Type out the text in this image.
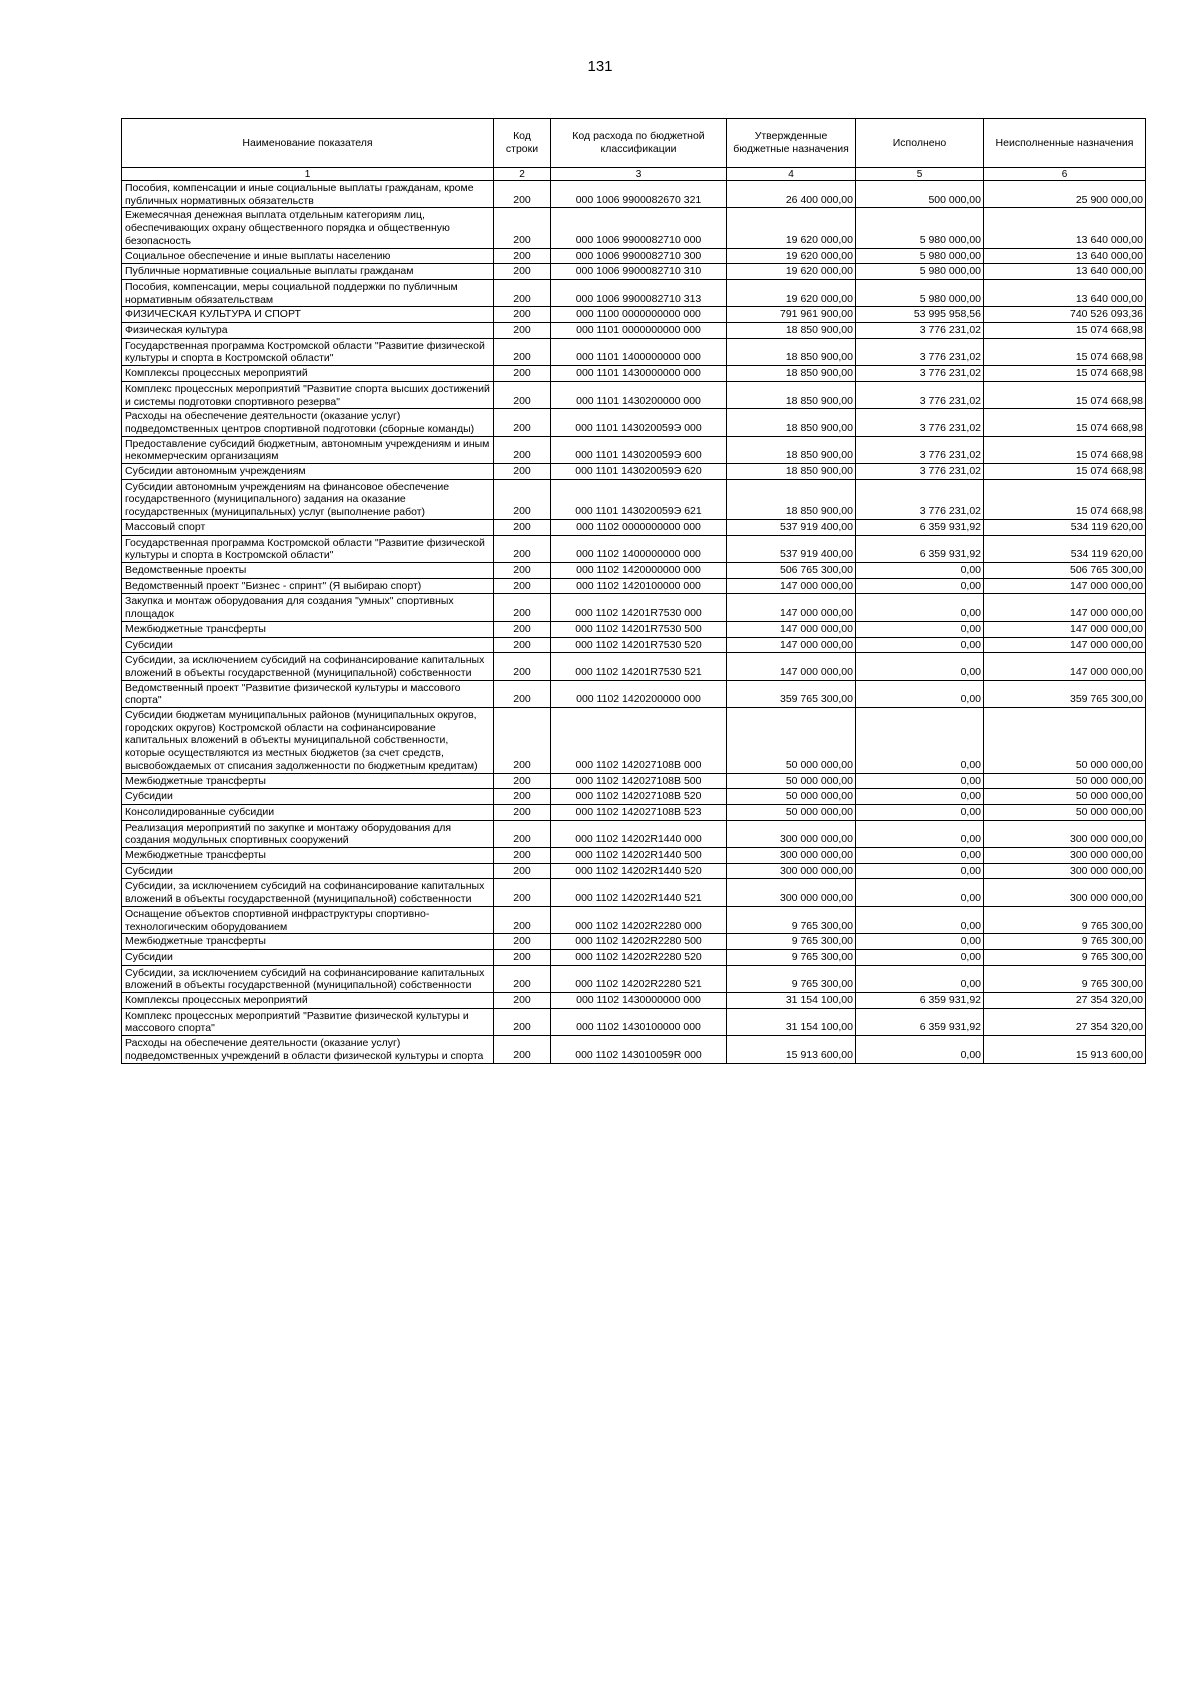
131
Наименование показателя	Код строки	Код расхода по бюджетной классификации	Утвержденные бюджетные назначения	Исполнено	Неисполненные назначения
1	2	3	4	5	6
Пособия, компенсации и иные социальные выплаты гражданам, кроме публичных нормативных обязательств	200	000 1006 9900082670 321	26 400 000,00	500 000,00	25 900 000,00
Ежемесячная денежная выплата отдельным категориям лиц, обеспечивающих охрану общественного порядка и общественную безопасность	200	000 1006 9900082710 000	19 620 000,00	5 980 000,00	13 640 000,00
Социальное обеспечение и иные выплаты населению	200	000 1006 9900082710 300	19 620 000,00	5 980 000,00	13 640 000,00
Публичные нормативные социальные выплаты гражданам	200	000 1006 9900082710 310	19 620 000,00	5 980 000,00	13 640 000,00
Пособия, компенсации, меры социальной поддержки по публичным нормативным обязательствам	200	000 1006 9900082710 313	19 620 000,00	5 980 000,00	13 640 000,00
ФИЗИЧЕСКАЯ КУЛЬТУРА И СПОРТ	200	000 1100 0000000000 000	791 961 900,00	53 995 958,56	740 526 093,36
Физическая культура	200	000 1101 0000000000 000	18 850 900,00	3 776 231,02	15 074 668,98
Государственная программа Костромской области "Развитие физической культуры и спорта в Костромской области"	200	000 1101 1400000000 000	18 850 900,00	3 776 231,02	15 074 668,98
Комплексы процессных мероприятий	200	000 1101 1430000000 000	18 850 900,00	3 776 231,02	15 074 668,98
Комплекс процессных мероприятий "Развитие спорта высших достижений и системы подготовки спортивного резерва"	200	000 1101 1430200000 000	18 850 900,00	3 776 231,02	15 074 668,98
Расходы на обеспечение деятельности (оказание услуг) подведомственных центров спортивной подготовки (сборные команды)	200	000 1101 143020059Э 000	18 850 900,00	3 776 231,02	15 074 668,98
Предоставление субсидий бюджетным, автономным учреждениям и иным некоммерческим организациям	200	000 1101 143020059Э 600	18 850 900,00	3 776 231,02	15 074 668,98
Субсидии автономным учреждениям	200	000 1101 143020059Э 620	18 850 900,00	3 776 231,02	15 074 668,98
Субсидии автономным учреждениям на финансовое обеспечение государственного (муниципального) задания на оказание государственных (муниципальных) услуг (выполнение работ)	200	000 1101 143020059Э 621	18 850 900,00	3 776 231,02	15 074 668,98
Массовый спорт	200	000 1102 0000000000 000	537 919 400,00	6 359 931,92	534 119 620,00
Государственная программа Костромской области "Развитие физической культуры и спорта в Костромской области"	200	000 1102 1400000000 000	537 919 400,00	6 359 931,92	534 119 620,00
Ведомственные проекты	200	000 1102 1420000000 000	506 765 300,00	0,00	506 765 300,00
Ведомственный проект "Бизнес - спринт" (Я выбираю спорт)	200	000 1102 1420100000 000	147 000 000,00	0,00	147 000 000,00
Закупка и монтаж оборудования для создания "умных" спортивных площадок	200	000 1102 14201R7530 000	147 000 000,00	0,00	147 000 000,00
Межбюджетные трансферты	200	000 1102 14201R7530 500	147 000 000,00	0,00	147 000 000,00
Субсидии	200	000 1102 14201R7530 520	147 000 000,00	0,00	147 000 000,00
Субсидии, за исключением субсидий на софинансирование капитальных вложений в объекты государственной (муниципальной) собственности	200	000 1102 14201R7530 521	147 000 000,00	0,00	147 000 000,00
Ведомственный проект "Развитие физической культуры и массового спорта"	200	000 1102 1420200000 000	359 765 300,00	0,00	359 765 300,00
Субсидии бюджетам муниципальных районов (муниципальных округов, городских округов) Костромской области на софинансирование капитальных вложений в объекты муниципальной собственности, которые осуществляются из местных бюджетов (за счет средств, высвобождаемых от списания задолженности по бюджетным кредитам)	200	000 1102 142027108В 000	50 000 000,00	0,00	50 000 000,00
Межбюджетные трансферты	200	000 1102 142027108В 500	50 000 000,00	0,00	50 000 000,00
Субсидии	200	000 1102 142027108В 520	50 000 000,00	0,00	50 000 000,00
Консолидированные субсидии	200	000 1102 142027108В 523	50 000 000,00	0,00	50 000 000,00
Реализация мероприятий по закупке и монтажу оборудования для создания модульных спортивных сооружений	200	000 1102 14202R1440 000	300 000 000,00	0,00	300 000 000,00
Межбюджетные трансферты	200	000 1102 14202R1440 500	300 000 000,00	0,00	300 000 000,00
Субсидии	200	000 1102 14202R1440 520	300 000 000,00	0,00	300 000 000,00
Субсидии, за исключением субсидий на софинансирование капитальных вложений в объекты государственной (муниципальной) собственности	200	000 1102 14202R1440 521	300 000 000,00	0,00	300 000 000,00
Оснащение объектов спортивной инфраструктуры спортивно-технологическим оборудованием	200	000 1102 14202R2280 000	9 765 300,00	0,00	9 765 300,00
Межбюджетные трансферты	200	000 1102 14202R2280 500	9 765 300,00	0,00	9 765 300,00
Субсидии	200	000 1102 14202R2280 520	9 765 300,00	0,00	9 765 300,00
Субсидии, за исключением субсидий на софинансирование капитальных вложений в объекты государственной (муниципальной) собственности	200	000 1102 14202R2280 521	9 765 300,00	0,00	9 765 300,00
Комплексы процессных мероприятий	200	000 1102 1430000000 000	31 154 100,00	6 359 931,92	27 354 320,00
Комплекс процессных мероприятий "Развитие физической культуры и массового спорта"	200	000 1102 1430100000 000	31 154 100,00	6 359 931,92	27 354 320,00
Расходы на обеспечение деятельности (оказание услуг) подведомственных учреждений в области физической культуры и спорта	200	000 1102 143010059R 000	15 913 600,00	0,00	15 913 600,00
